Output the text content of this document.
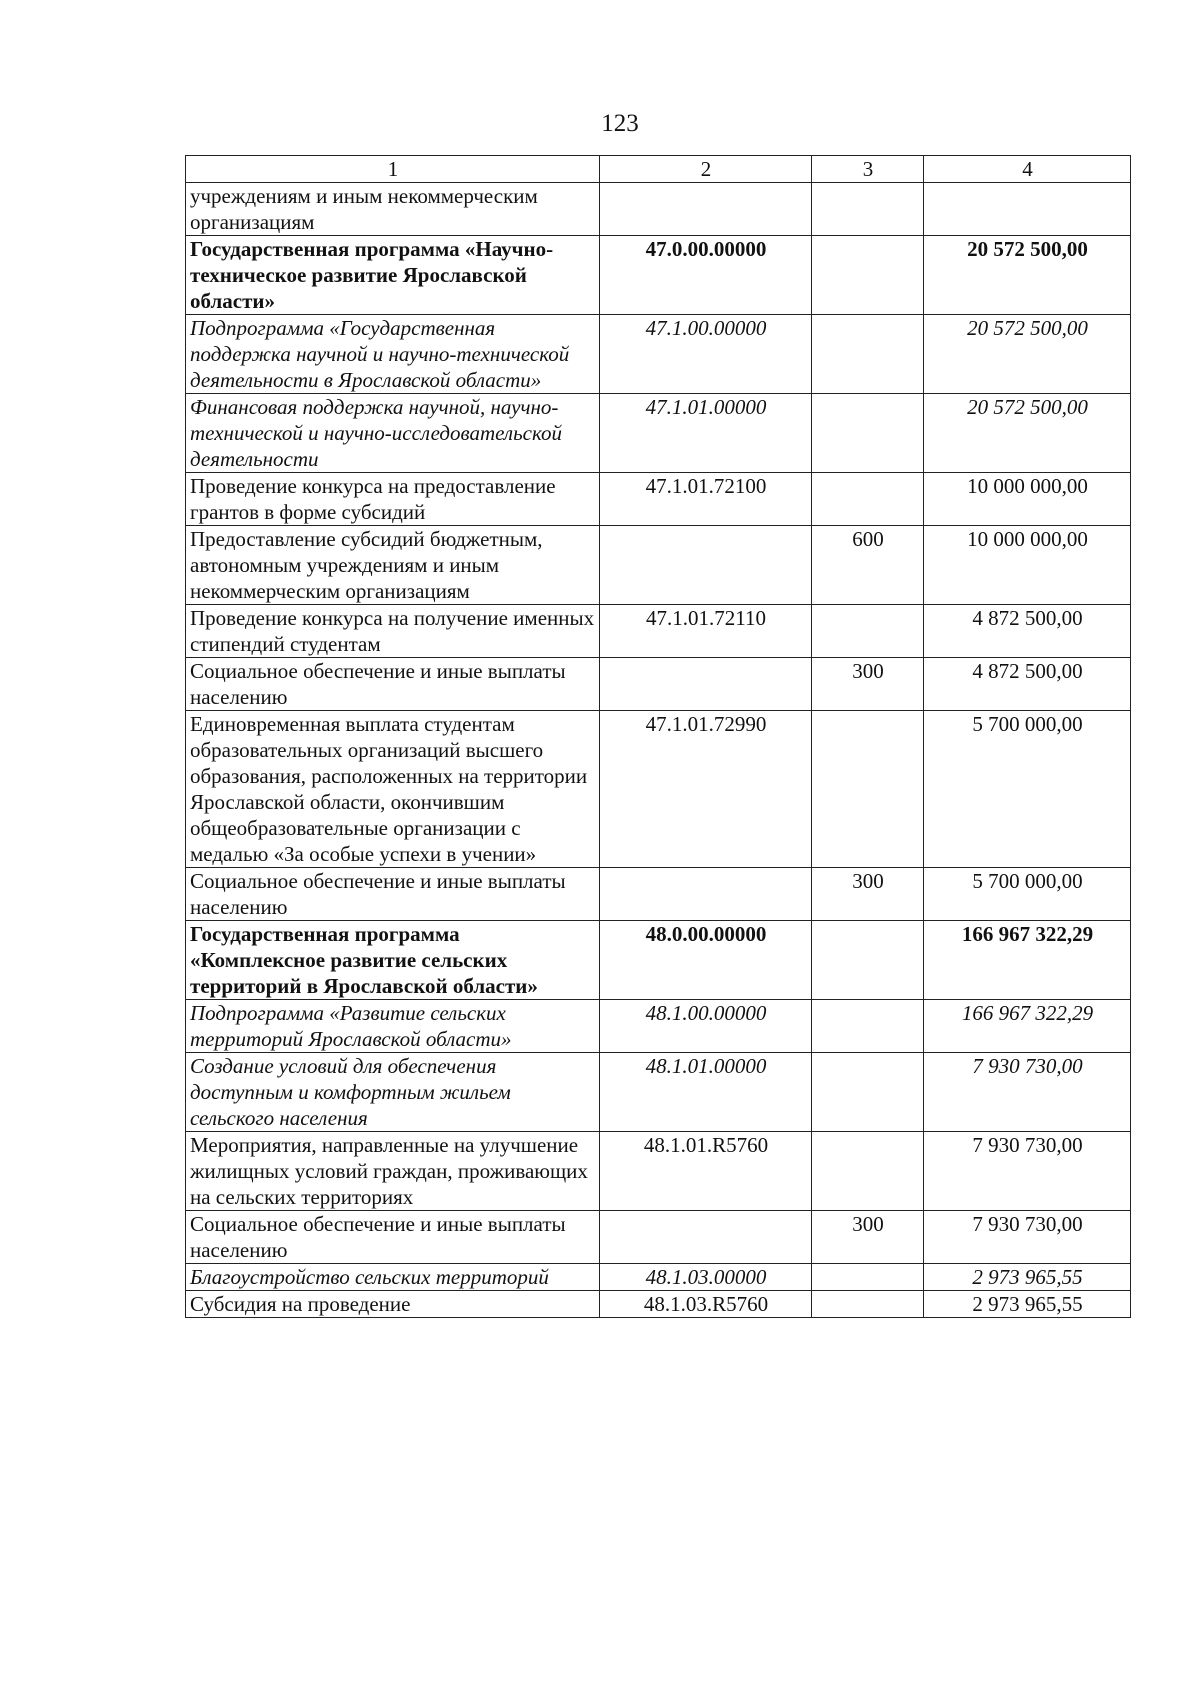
123
1	2	3	4
учреждениям и иным некоммерческим организациям			
Государственная программа «Научно-техническое развитие Ярославской области»	47.0.00.00000		20 572 500,00
Подпрограмма «Государственная поддержка научной и научно-технической деятельности в Ярославской области»	47.1.00.00000		20 572 500,00
Финансовая поддержка научной, научно-технической и научно-исследовательской деятельности	47.1.01.00000		20 572 500,00
Проведение конкурса на предоставление грантов в форме субсидий	47.1.01.72100		10 000 000,00
Предоставление субсидий бюджетным, автономным учреждениям и иным некоммерческим организациям		600	10 000 000,00
Проведение конкурса на получение именных стипендий студентам	47.1.01.72110		4 872 500,00
Социальное обеспечение и иные выплаты населению		300	4 872 500,00
Единовременная выплата студентам образовательных организаций высшего образования, расположенных на территории Ярославской области, окончившим общеобразовательные организации с медалью «За особые успехи в учении»	47.1.01.72990		5 700 000,00
Социальное обеспечение и иные выплаты населению		300	5 700 000,00
Государственная программа «Комплексное развитие сельских территорий в Ярославской области»	48.0.00.00000		166 967 322,29
Подпрограмма «Развитие сельских территорий Ярославской области»	48.1.00.00000		166 967 322,29
Создание условий для обеспечения доступным и комфортным жильем сельского населения	48.1.01.00000		7 930 730,00
Мероприятия, направленные на улучшение жилищных условий граждан, проживающих на сельских территориях	48.1.01.R5760		7 930 730,00
Социальное обеспечение и иные выплаты населению		300	7 930 730,00
Благоустройство сельских территорий	48.1.03.00000		2 973 965,55
Субсидия на проведение	48.1.03.R5760		2 973 965,55
